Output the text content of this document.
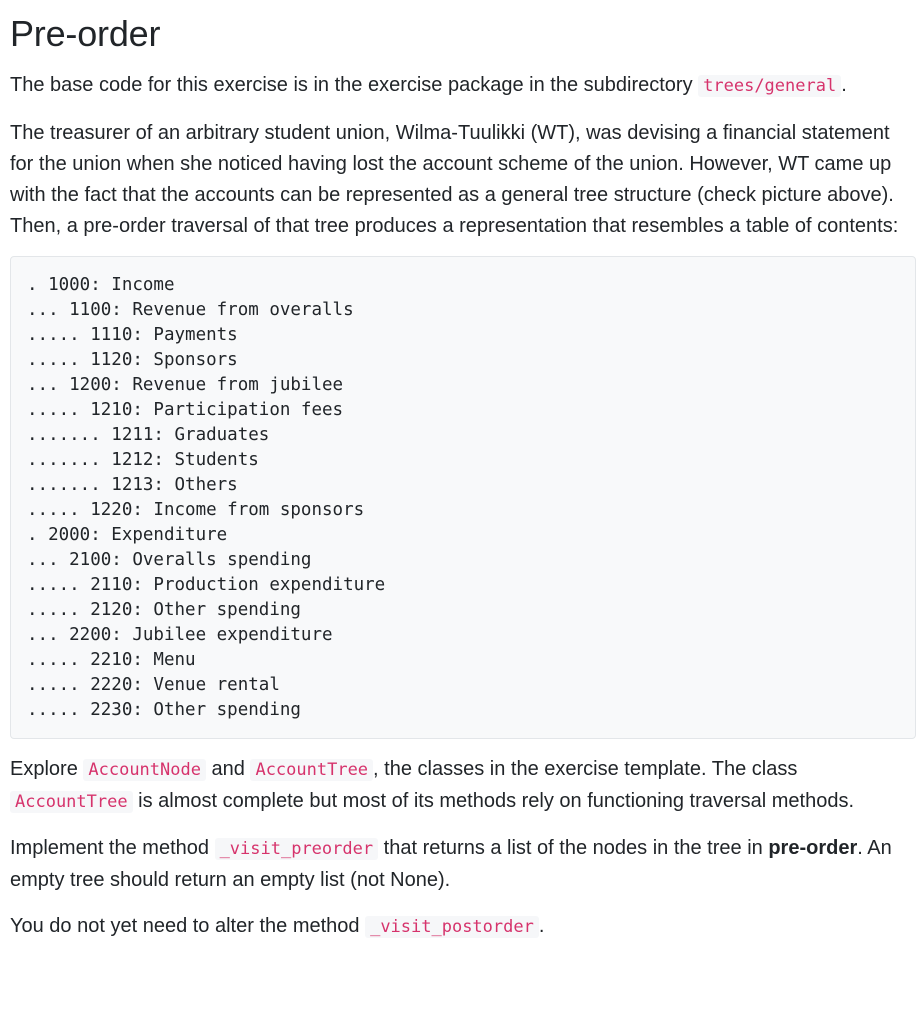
Pre-order

The base code for this exercise is in the exercise package in the subdirectory trees/general .

The treasurer of an arbitrary student union, Wilma-Tuulikki (WT), was devising a financial statement for the union when she noticed having lost the account scheme of the union. However, WT came up with the fact that the accounts can be represented as a general tree structure (check picture above). Then, a pre-order traversal of that tree produces a representation that resembles a table of contents:

. 1000: Income
... 1100: Revenue from overalls
..... 1110: Payments
..... 1120: Sponsors
... 1200: Revenue from jubilee
..... 1210: Participation fees
....... 1211: Graduates
....... 1212: Students
....... 1213: Others
..... 1220: Income from sponsors
. 2000: Expenditure
... 2100: Overalls spending
..... 2110: Production expenditure
..... 2120: Other spending
... 2200: Jubilee expenditure
..... 2210: Menu
..... 2220: Venue rental
..... 2230: Other spending

Explore AccountNode and AccountTree , the classes in the exercise template. The class AccountTree is almost complete but most of its methods rely on functioning traversal methods.

Implement the method _visit_preorder that returns a list of the nodes in the tree in pre-order. An empty tree should return an empty list (not None).

You do not yet need to alter the method _visit_postorder .
